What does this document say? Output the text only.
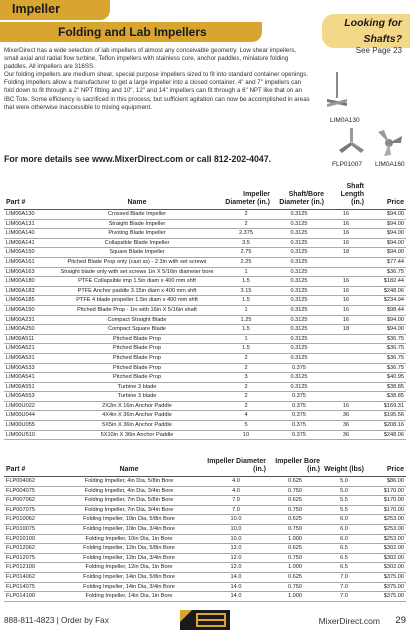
Impeller
Folding and Lab Impellers
Looking for
Shafts?
See Page 23

MixerDirect has a wide selection of lab impellers of almost any conceivable geometry. Low shear impellers, small axial and radial flow turbine, Teflon impellers with stainless core, anchor paddles, miniature folding paddles. All impellers are 316SS.

Our folding impellers are medium shear, special purpose impellers sized to fit into standard container openings. Folding impellers allow a manufacturer to get a large impeller into a closed container. 4" and 7" impellers can fold down to fit through a 2" NPT fitting and 10", 12" and 14" impellers can fit through a 6" NPT like that on an IBC Tote. Some efficiency is sacrificed in this process, but sufficient agitation can now be accomplished in areas that were otherwise inaccessible to mixing equipment.

For more details see www.MixerDirect.com or call 812-202-4047.
LIM0A130
FLP01007 LIM0A160
Part #	Name	Impeller Diameter (in.)	Shaft/Bore Diameter (in.)	Shaft Length (in.)	Price
LIM00A130	Crossed Blade Impeller	2	0.3125	16	$94.00
LIM00A131	Straight Blade Impeller	2	0.3125	16	$94.00
LIM00A140	Pivoting Blade Impeller	2.375	0.3125	16	$94.00
LIM00A141	Collapsible Blade Impeller	3.5	0.3125	16	$94.00
LIM00A150	Square Blade Impeller	2.75	0.3125	18	$94.00
LIM00A161	Pitched Blade Prop only (cast ss) - 2.3in with set screws	2.25	0.3125		$77.44
LIM00A163	Straight blade only with set screws 1in X 5/16in diameter bore	1	0.3125		$36.75
LIM00A180	PTFE Collapsible imp 1.5in diam x 400 mm shft	1.5	0.3125	16	$182.44
LIM00A183	PTFE Anchor paddle 3.15in diam x 400 mm shft	3.15	0.3125	16	$248.06
LIM00A185	PTFE 4 blade propeller 1.5in diam x 400 mm shft	1.5	0.3125	16	$234.94
LIM00A190	Pitched Blade Prop - 1in with 16in X 5/16in shaft	1	0.3125	16	$98.44
LIM00A231	Compact Straight Blade	1.25	0.3125	16	$94.00
LIM00A250	Compact Square Blade	1.5	0.3125	18	$94.00
LIM00A511	Pitched Blade Prop	1	0.3125		$36.75
LIM00A521	Pitched Blade Prop	1.5	0.3125		$36.75
LIM00A531	Pitched Blade Prop	2	0.3125		$36.75
LIM00A533	Pitched Blade Prop	2	0.375		$36.75
LIM00A541	Pitched Blade Prop	3	0.3125		$40.95
LIM00A551	Turbine 3 blade	2	0.3125		$38.85
LIM00A553	Turbine 3 blade	2	0.375		$38.85
LIM00U022	2X2in X 16in Anchor Paddle	2	0.375	16	$169.31
LIM00U044	4X4in X 36in Anchor Paddle	4	0.375	36	$195.56
LIM00U055	5X5in X 36in Anchor Paddle	5	0.375	36	$208.16
LIM00U510	5X10in X 36in Anchor Paddle	10	0.375	36	$248.06
Part #	Name	Impeller Diameter (in.)	Impeller Bore (in.)	Weight (lbs)	Price
FLP004062	Folding Impeller, 4in Dia, 5/8in Bore	4.0	0.625	5.0	$86.00
FLP004075	Folding Impeller, 4in Dia, 3/4in Bore	4.0	0.750	5.0	$170.00
FLP007062	Folding Impeller, 7in Dia, 5/8in Bore	7.0	0.625	5.5	$170.00
FLP007075	Folding Impeller, 7in Dia, 3/4in Bore	7.0	0.750	5.5	$170.00
FLP010062	Folding Impeller, 10in Dia, 5/8in Bore	10.0	0.625	6.0	$253.00
FLP010075	Folding Impeller, 10in Dia, 3/4in Bore	10.0	0.750	6.0	$253.00
FLP010100	Folding Impeller, 10in Dia, 1in Bore	10.0	1.000	6.0	$253.00
FLP012062	Folding Impeller, 12in Dia, 5/8in Bore	12.0	0.625	6.5	$302.00
FLP012075	Folding Impeller, 12in Dia, 3/4in Bore	12.0	0.750	6.5	$302.00
FLP012100	Folding Impeller, 12in Dia, 1in Bore	12.0	1.000	6.5	$302.00
FLP014062	Folding Impeller, 14in Dia, 5/8in Bore	14.0	0.625	7.0	$375.00
FLP014075	Folding Impeller, 14in Dia, 3/4in Bore	14.0	0.750	7.0	$375.00
FLP014100	Folding Impeller, 14in Dia, 1in Bore	14.0	1.000	7.0	$375.00
888-811-4823 | Order by Fax	MixerDirect.com 29
